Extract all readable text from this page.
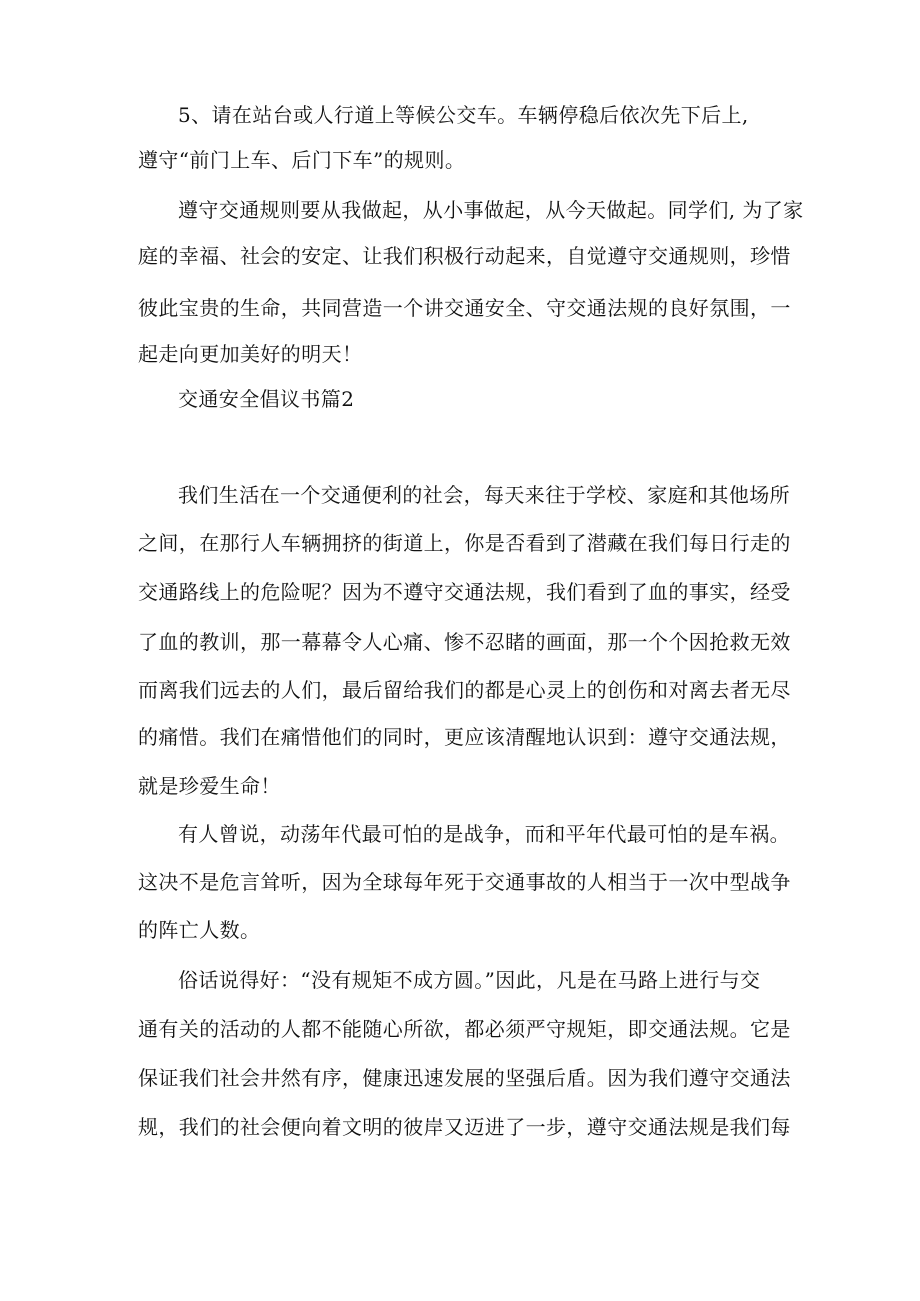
5、请在站台或人行道上等候公交车。车辆停稳后依次先下后上,
遵守“前门上车、后门下车”的规则。
遵守交通规则要从我做起，从小事做起，从今天做起。同学们, 为了家
庭的幸福、社会的安定、让我们积极行动起来，自觉遵守交通规则，珍惜
彼此宝贵的生命，共同营造一个讲交通安全、守交通法规的良好氛围，一
起走向更加美好的明天！
交通安全倡议书篇2
我们生活在一个交通便利的社会，每天来往于学校、家庭和其他场所
之间，在那行人车辆拥挤的街道上，你是否看到了潜藏在我们每日行走的
交通路线上的危险呢？因为不遵守交通法规，我们看到了血的事实，经受
了血的教训，那一幕幕令人心痛、惨不忍睹的画面，那一个个因抢救无效
而离我们远去的人们，最后留给我们的都是心灵上的创伤和对离去者无尽
的痛惜。我们在痛惜他们的同时，更应该清醒地认识到：遵守交通法规，
就是珍爱生命！
有人曾说，动荡年代最可怕的是战争，而和平年代最可怕的是车祸。
这决不是危言耸听，因为全球每年死于交通事故的人相当于一次中型战争
的阵亡人数。
俗话说得好：“没有规矩不成方圆。”因此，凡是在马路上进行与交
通有关的活动的人都不能随心所欲，都必须严守规矩，即交通法规。它是
保证我们社会井然有序，健康迅速发展的坚强后盾。因为我们遵守交通法
规，我们的社会便向着文明的彼岸又迈进了一步，遵守交通法规是我们每
